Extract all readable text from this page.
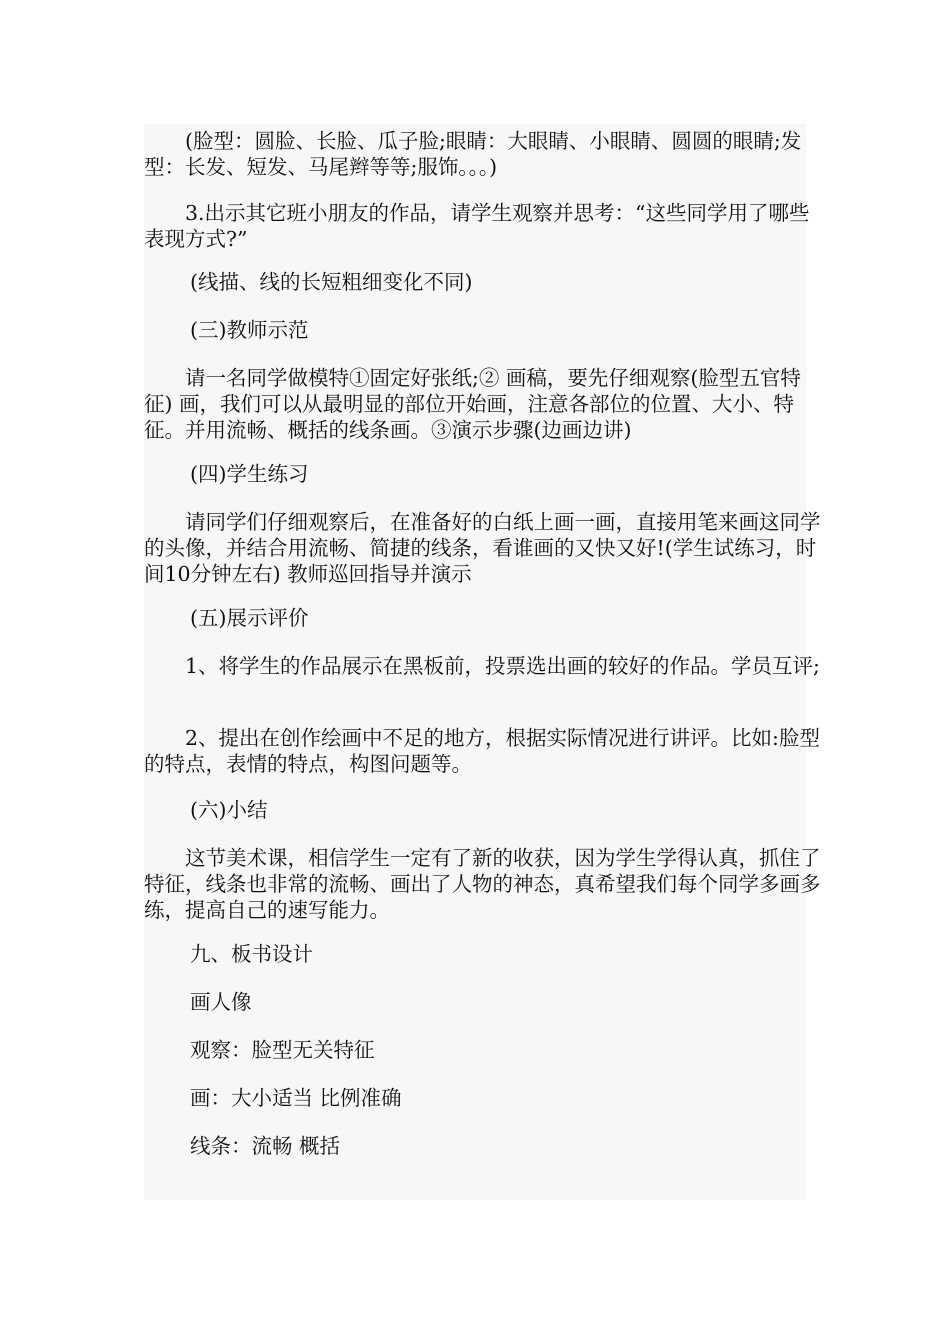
　　(脸型：圆脸、长脸、瓜子脸;眼睛：大眼睛、小眼睛、圆圆的眼睛;发型：长发、短发、马尾辫等等;服饰。。。)

　　3.出示其它班小朋友的作品，请学生观察并思考：“这些同学用了哪些表现方式?”

(线描、线的长短粗细变化不同)

(三)教师示范

　　请一名同学做模特①固定好张纸;② 画稿，要先仔细观察(脸型五官特征) 画，我们可以从最明显的部位开始画，注意各部位的位置、大小、特征。并用流畅、概括的线条画。③演示步骤(边画边讲)

(四)学生练习

　　请同学们仔细观察后，在准备好的白纸上画一画，直接用笔来画这同学的头像，并结合用流畅、简捷的线条，看谁画的又快又好!(学生试练习，时间10分钟左右) 教师巡回指导并演示

(五)展示评价

　　1、将学生的作品展示在黑板前，投票选出画的较好的作品。学员互评;

　　2、提出在创作绘画中不足的地方，根据实际情况进行讲评。比如:脸型的特点，表情的特点，构图问题等。

(六)小结

　　这节美术课，相信学生一定有了新的收获，因为学生学得认真，抓住了特征，线条也非常的流畅、画出了人物的神态，真希望我们每个同学多画多练，提高自己的速写能力。

九、板书设计

画人像

观察：脸型无关特征

画：大小适当 比例准确

线条：流畅 概括
